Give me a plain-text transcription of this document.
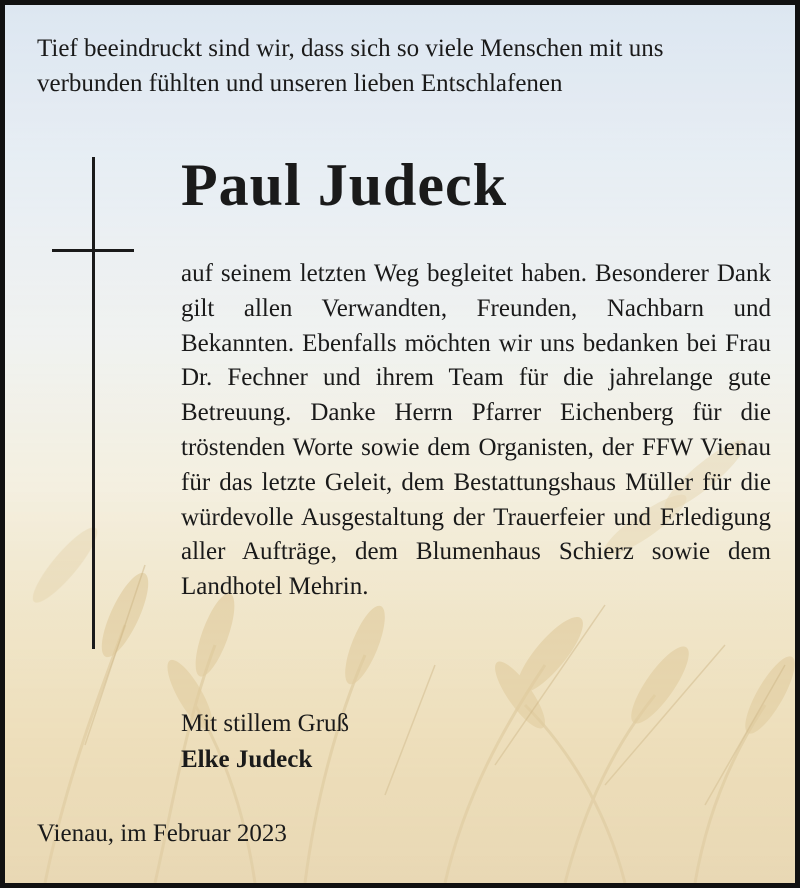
Tief beeindruckt sind wir, dass sich so viele Menschen mit uns verbunden fühlten und unseren lieben Entschlafenen

Paul Judeck

auf seinem letzten Weg begleitet haben. Besonderer Dank gilt allen Verwandten, Freunden, Nachbarn und Bekannten. Ebenfalls möchten wir uns bedanken bei Frau Dr. Fechner und ihrem Team für die jahrelange gute Betreuung. Danke Herrn Pfarrer Eichenberg für die tröstenden Worte sowie dem Organisten, der FFW Vienau für das letzte Geleit, dem Bestattungshaus Müller für die würdevolle Ausgestaltung der Trauerfeier und Erledigung aller Aufträge, dem Blumenhaus Schierz sowie dem Landhotel Mehrin.

Mit stillem Gruß

Elke Judeck

Vienau, im Februar 2023
